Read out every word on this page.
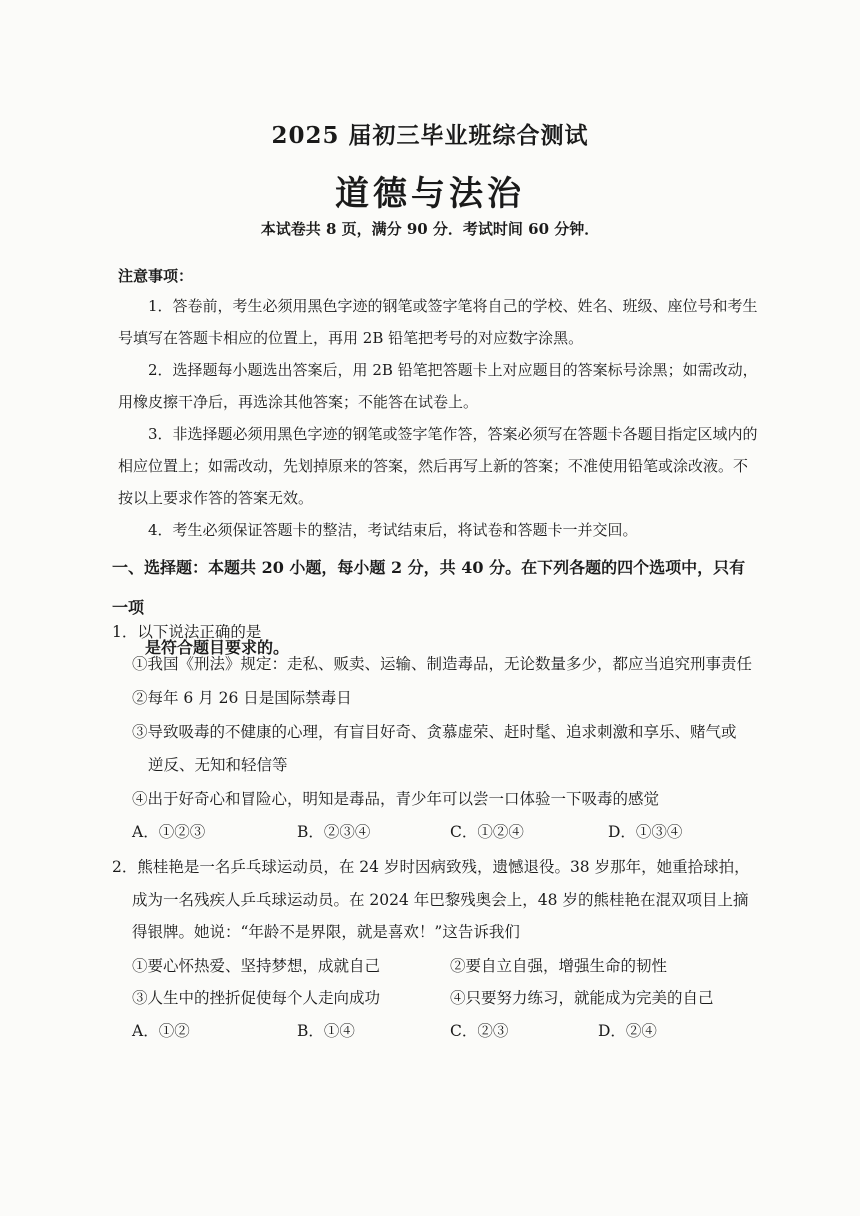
2025 届初三毕业班综合测试
道德与法治
本试卷共 8 页，满分 90 分．考试时间 60 分钟．
注意事项：

1．答卷前，考生必须用黑色字迹的钢笔或签字笔将自己的学校、姓名、班级、座位号和考生号填写在答题卡相应的位置上，再用 2B 铅笔把考号的对应数字涂黑。

2．选择题每小题选出答案后，用 2B 铅笔把答题卡上对应题目的答案标号涂黑；如需改动，用橡皮擦干净后，再选涂其他答案；不能答在试卷上。

3．非选择题必须用黑色字迹的钢笔或签字笔作答，答案必须写在答题卡各题目指定区域内的相应位置上；如需改动，先划掉原来的答案，然后再写上新的答案；不准使用铅笔或涂改液。不按以上要求作答的答案无效。

4．考生必须保证答题卡的整洁，考试结束后，将试卷和答题卡一并交回。

一、选择题：本题共 20 小题，每小题 2 分，共 40 分。在下列各题的四个选项中，只有一项
是符合题目要求的。
1．以下说法正确的是
①我国《刑法》规定：走私、贩卖、运输、制造毒品，无论数量多少，都应当追究刑事责任
②每年 6 月 26 日是国际禁毒日
③导致吸毒的不健康的心理，有盲目好奇、贪慕虚荣、赶时髦、追求刺激和享乐、赌气或
逆反、无知和轻信等
④出于好奇心和冒险心，明知是毒品，青少年可以尝一口体验一下吸毒的感觉
A．①②③	B．②③④	C．①②④	D．①③④
2．熊桂艳是一名乒乓球运动员，在 24 岁时因病致残，遗憾退役。38 岁那年，她重拾球拍，
成为一名残疾人乒乓球运动员。在 2024 年巴黎残奥会上，48 岁的熊桂艳在混双项目上摘
得银牌。她说：“年龄不是界限，就是喜欢！”这告诉我们
①要心怀热爱、坚持梦想，成就自己	②要自立自强，增强生命的韧性
③人生中的挫折促使每个人走向成功	④只要努力练习，就能成为完美的自己
A．①②	B．①④	C．②③	D．②④
